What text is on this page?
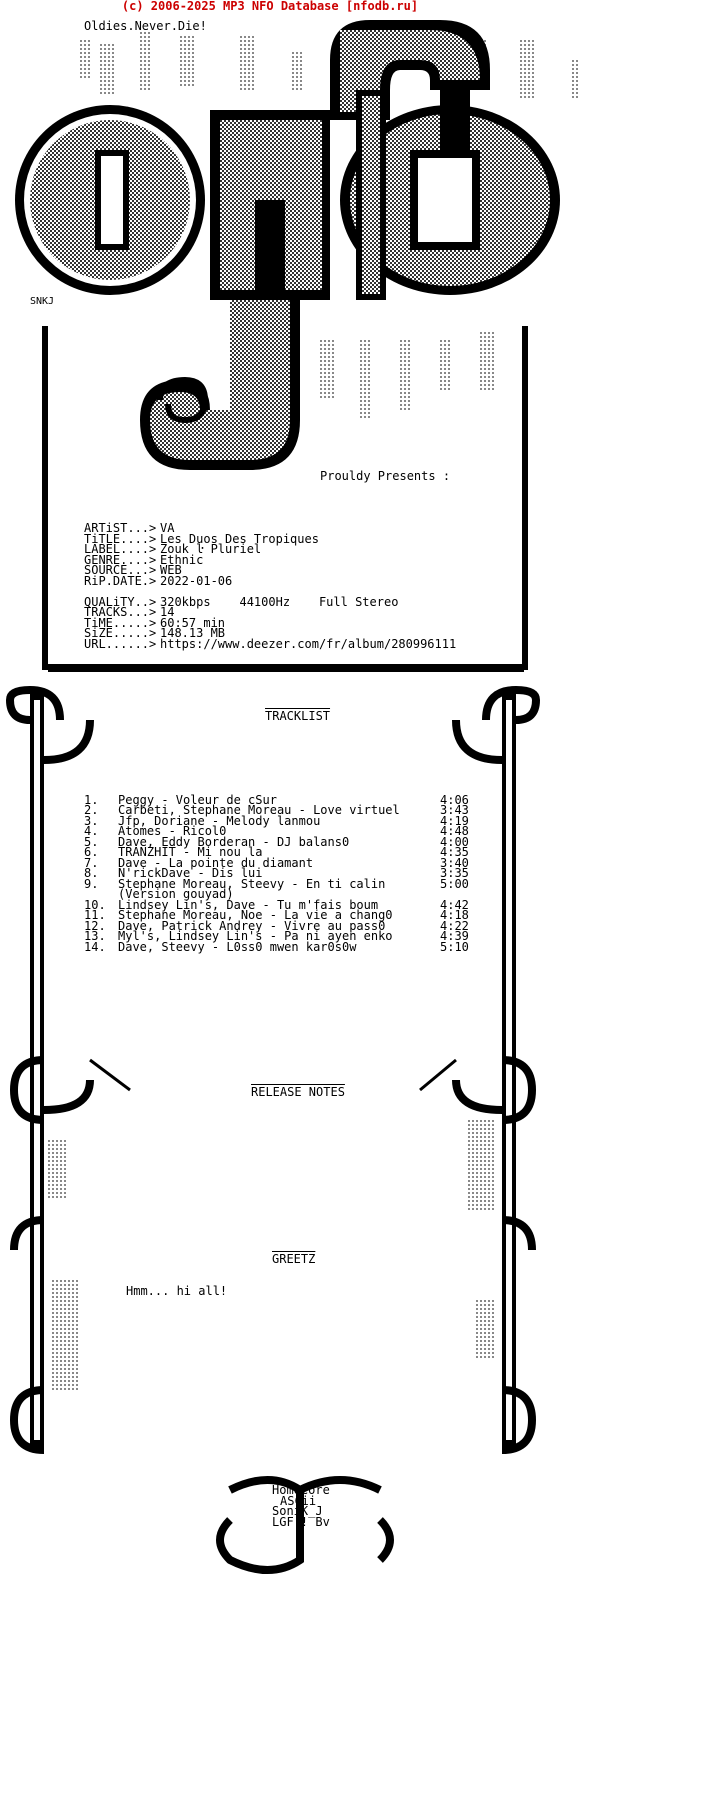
(c) 2006-2025 MP3 NFO Database [nfodb.ru]
Oldies.Never.Die!
SNKJ
Prouldy Presents :
ARTiST...> VA
TiTLE....> Les Duos Des Tropiques
LABEL....> Zouk ŀ Pluriel
GENRE....> Ethnic
SOURCE...> WEB
RiP.DATE.> 2022-01-06
QUALiTY..> 320kbps    44100Hz    Full Stereo
TRACKS...> 14
TiME.....> 60:57 min
SiZE.....> 148.13 MB
URL......> https://www.deezer.com/fr/album/280996111
TRACKLIST
1. Peggy - Voleur de cSur	4:06
2. Carbeti, Stephane Moreau - Love virtuel	3:43
3. Jfp, Doriane - Melody lanmou	4:19
4. Atomes - Ricol0	4:48
5. Dave, Eddy Borderan - DJ balans0	4:00
6. TRANZHIT - Mi nou la	4:35
7. Dave - La pointe du diamant	3:40
8. N'rickDave - Dis lui	3:35
9. Stephane Moreau, Steevy - En ti calin	5:00
(Version gouyad)
10. Lindsey Lin's, Dave - Tu m'fais boum	4:42
11. Stephane Moreau, Noe - La vie a chang0	4:18
12. Dave, Patrick Andrey - Vivre au pass0	4:22
13. Myl's, Lindsey Lin's - Pa ni ayen enko	4:39
14. Dave, Steevy - L0ss0 mwen kar0s0w	5:10
RELEASE NOTES
GREETZ
Hmm... hi all!
HomeCore
ASCii
SoniK_J
LGF ! Bv
